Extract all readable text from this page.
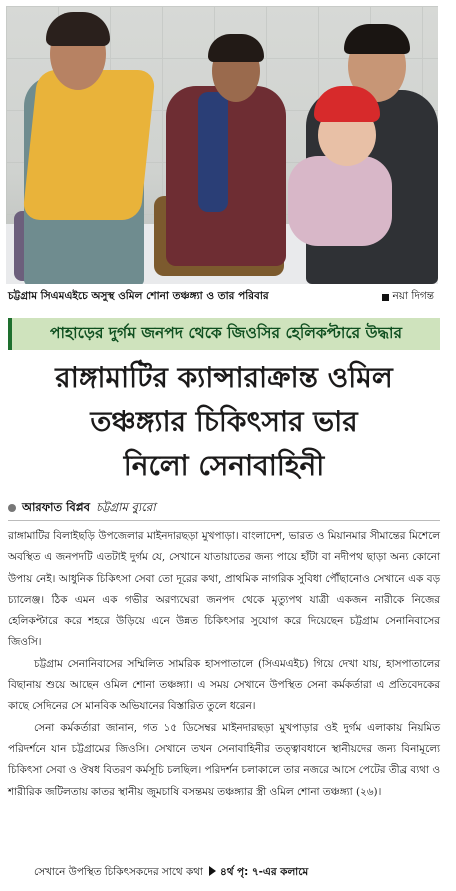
চট্টগ্রাম সিএমএইচে অসুস্থ ওমিল শোনা তঞ্চঙ্গ্যা ও তার পরিবার	নয়া দিগন্ত
পাহাড়ের দুর্গম জনপদ থেকে জিওসির হেলিকপ্টারে উদ্ধার
রাঙ্গামাটির ক্যান্সারাক্রান্ত ওমিল
তঞ্চঙ্গ্যার চিকিৎসার ভার
নিলো সেনাবাহিনী
আরফাত বিপ্লব চট্টগ্রাম ব্যুরো

রাঙ্গামাটির বিলাইছড়ি উপজেলার মাইনদারছড়া মুখপাড়া। বাংলাদেশ, ভারত ও মিয়ানমার সীমান্তের মিশেলে অবস্থিত এ জনপদটি এতটাই দুর্গম যে, সেখানে যাতায়াতের জন্য পায়ে হাঁটা বা নদীপথ ছাড়া অন্য কোনো উপায় নেই। আধুনিক চিকিৎসা সেবা তো দূরের কথা, প্রাথমিক নাগরিক সুবিধা পৌঁছানোও সেখানে এক বড় চ্যালেঞ্জ। ঠিক এমন এক গভীর অরণ্যঘেরা জনপদ থেকে মৃত্যুপথ যাত্রী একজন নারীকে নিজের হেলিকপ্টারে করে শহরে উড়িয়ে এনে উন্নত চিকিৎসার সুযোগ করে দিয়েছেন চট্টগ্রাম সেনানিবাসের জিওসি।

চট্টগ্রাম সেনানিবাসের সম্মিলিত সামরিক হাসপাতালে (সিএমএইচ) গিয়ে দেখা যায়, হাসপাতালের বিছানায় শুয়ে আছেন ওমিল শোনা তঞ্চঙ্গ্যা। এ সময় সেখানে উপস্থিত সেনা কর্মকর্তারা এ প্রতিবেদকের কাছে সেদিনের সে মানবিক অভিযানের বিস্তারিত তুলে ধরেন।

সেনা কর্মকর্তারা জানান, গত ১৫ ডিসেম্বর মাইনদারছড়া মুখপাড়ার ওই দুর্গম এলাকায় নিয়মিত পরিদর্শনে যান চট্টগ্রামের জিওসি। সেখানে তখন সেনাবাহিনীর তত্ত্বাবধানে স্থানীয়দের জন্য বিনামূল্যে চিকিৎসা সেবা ও ঔষধ বিতরণ কর্মসূচি চলছিল। পরিদর্শন চলাকালে তার নজরে আসে পেটের তীব্র ব্যথা ও শারীরিক জটিলতায় কাতর স্থানীয় জুমচাষি বসন্তময় তঞ্চঙ্গ্যার স্ত্রী ওমিল শোনা তঞ্চঙ্গ্যা (২৬)।

সেখানে উপস্থিত চিকিৎসকদের সাথে কথা ৪র্থ পৃ: ৭-এর কলামে
